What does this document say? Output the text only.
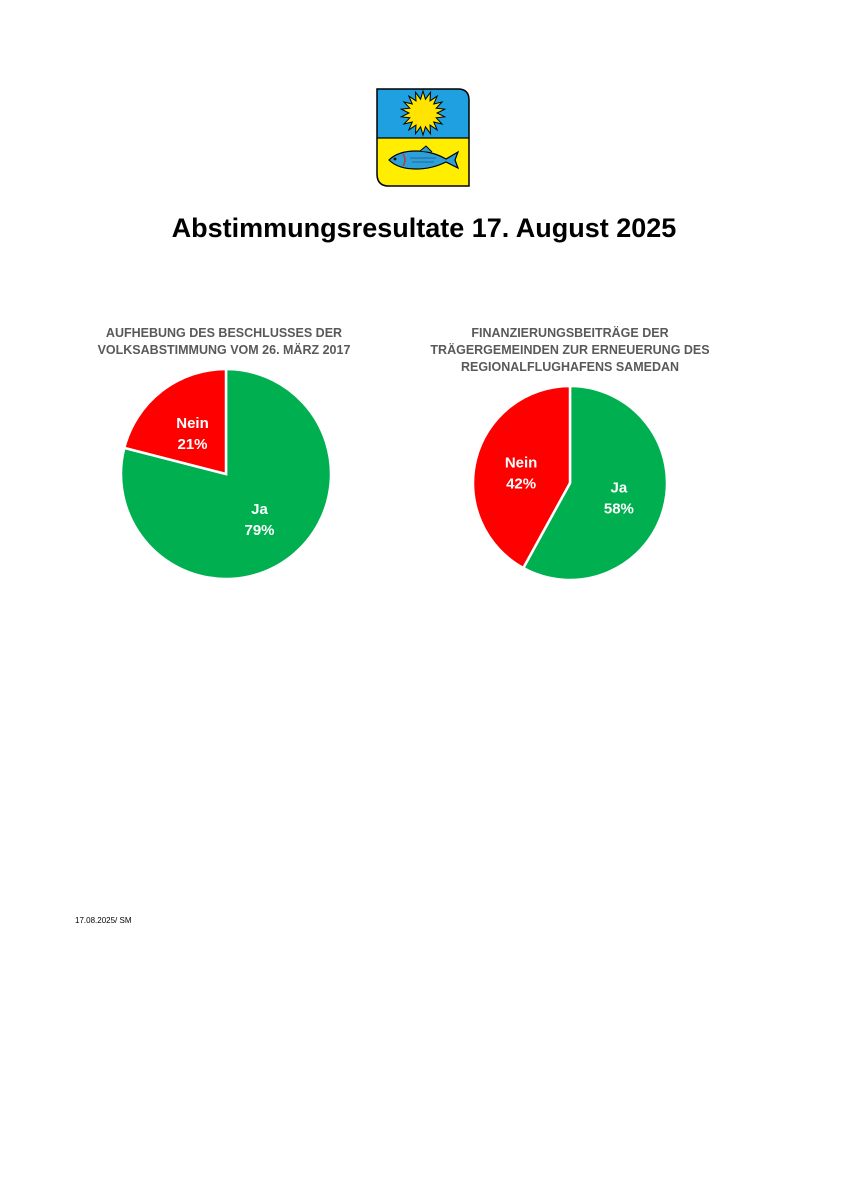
Abstimmungsresultate 17. August 2025
AUFHEBUNG DES BESCHLUSSES DER
VOLKSABSTIMMUNG VOM 26. MÄRZ 2017
Ja
79%
Nein
21%
FINANZIERUNGSBEITRÄGE DER
TRÄGERGEMEINDEN ZUR ERNEUERUNG DES
REGIONALFLUGHAFENS SAMEDAN
Ja
58%
Nein
42%
17.08.2025/ SM
